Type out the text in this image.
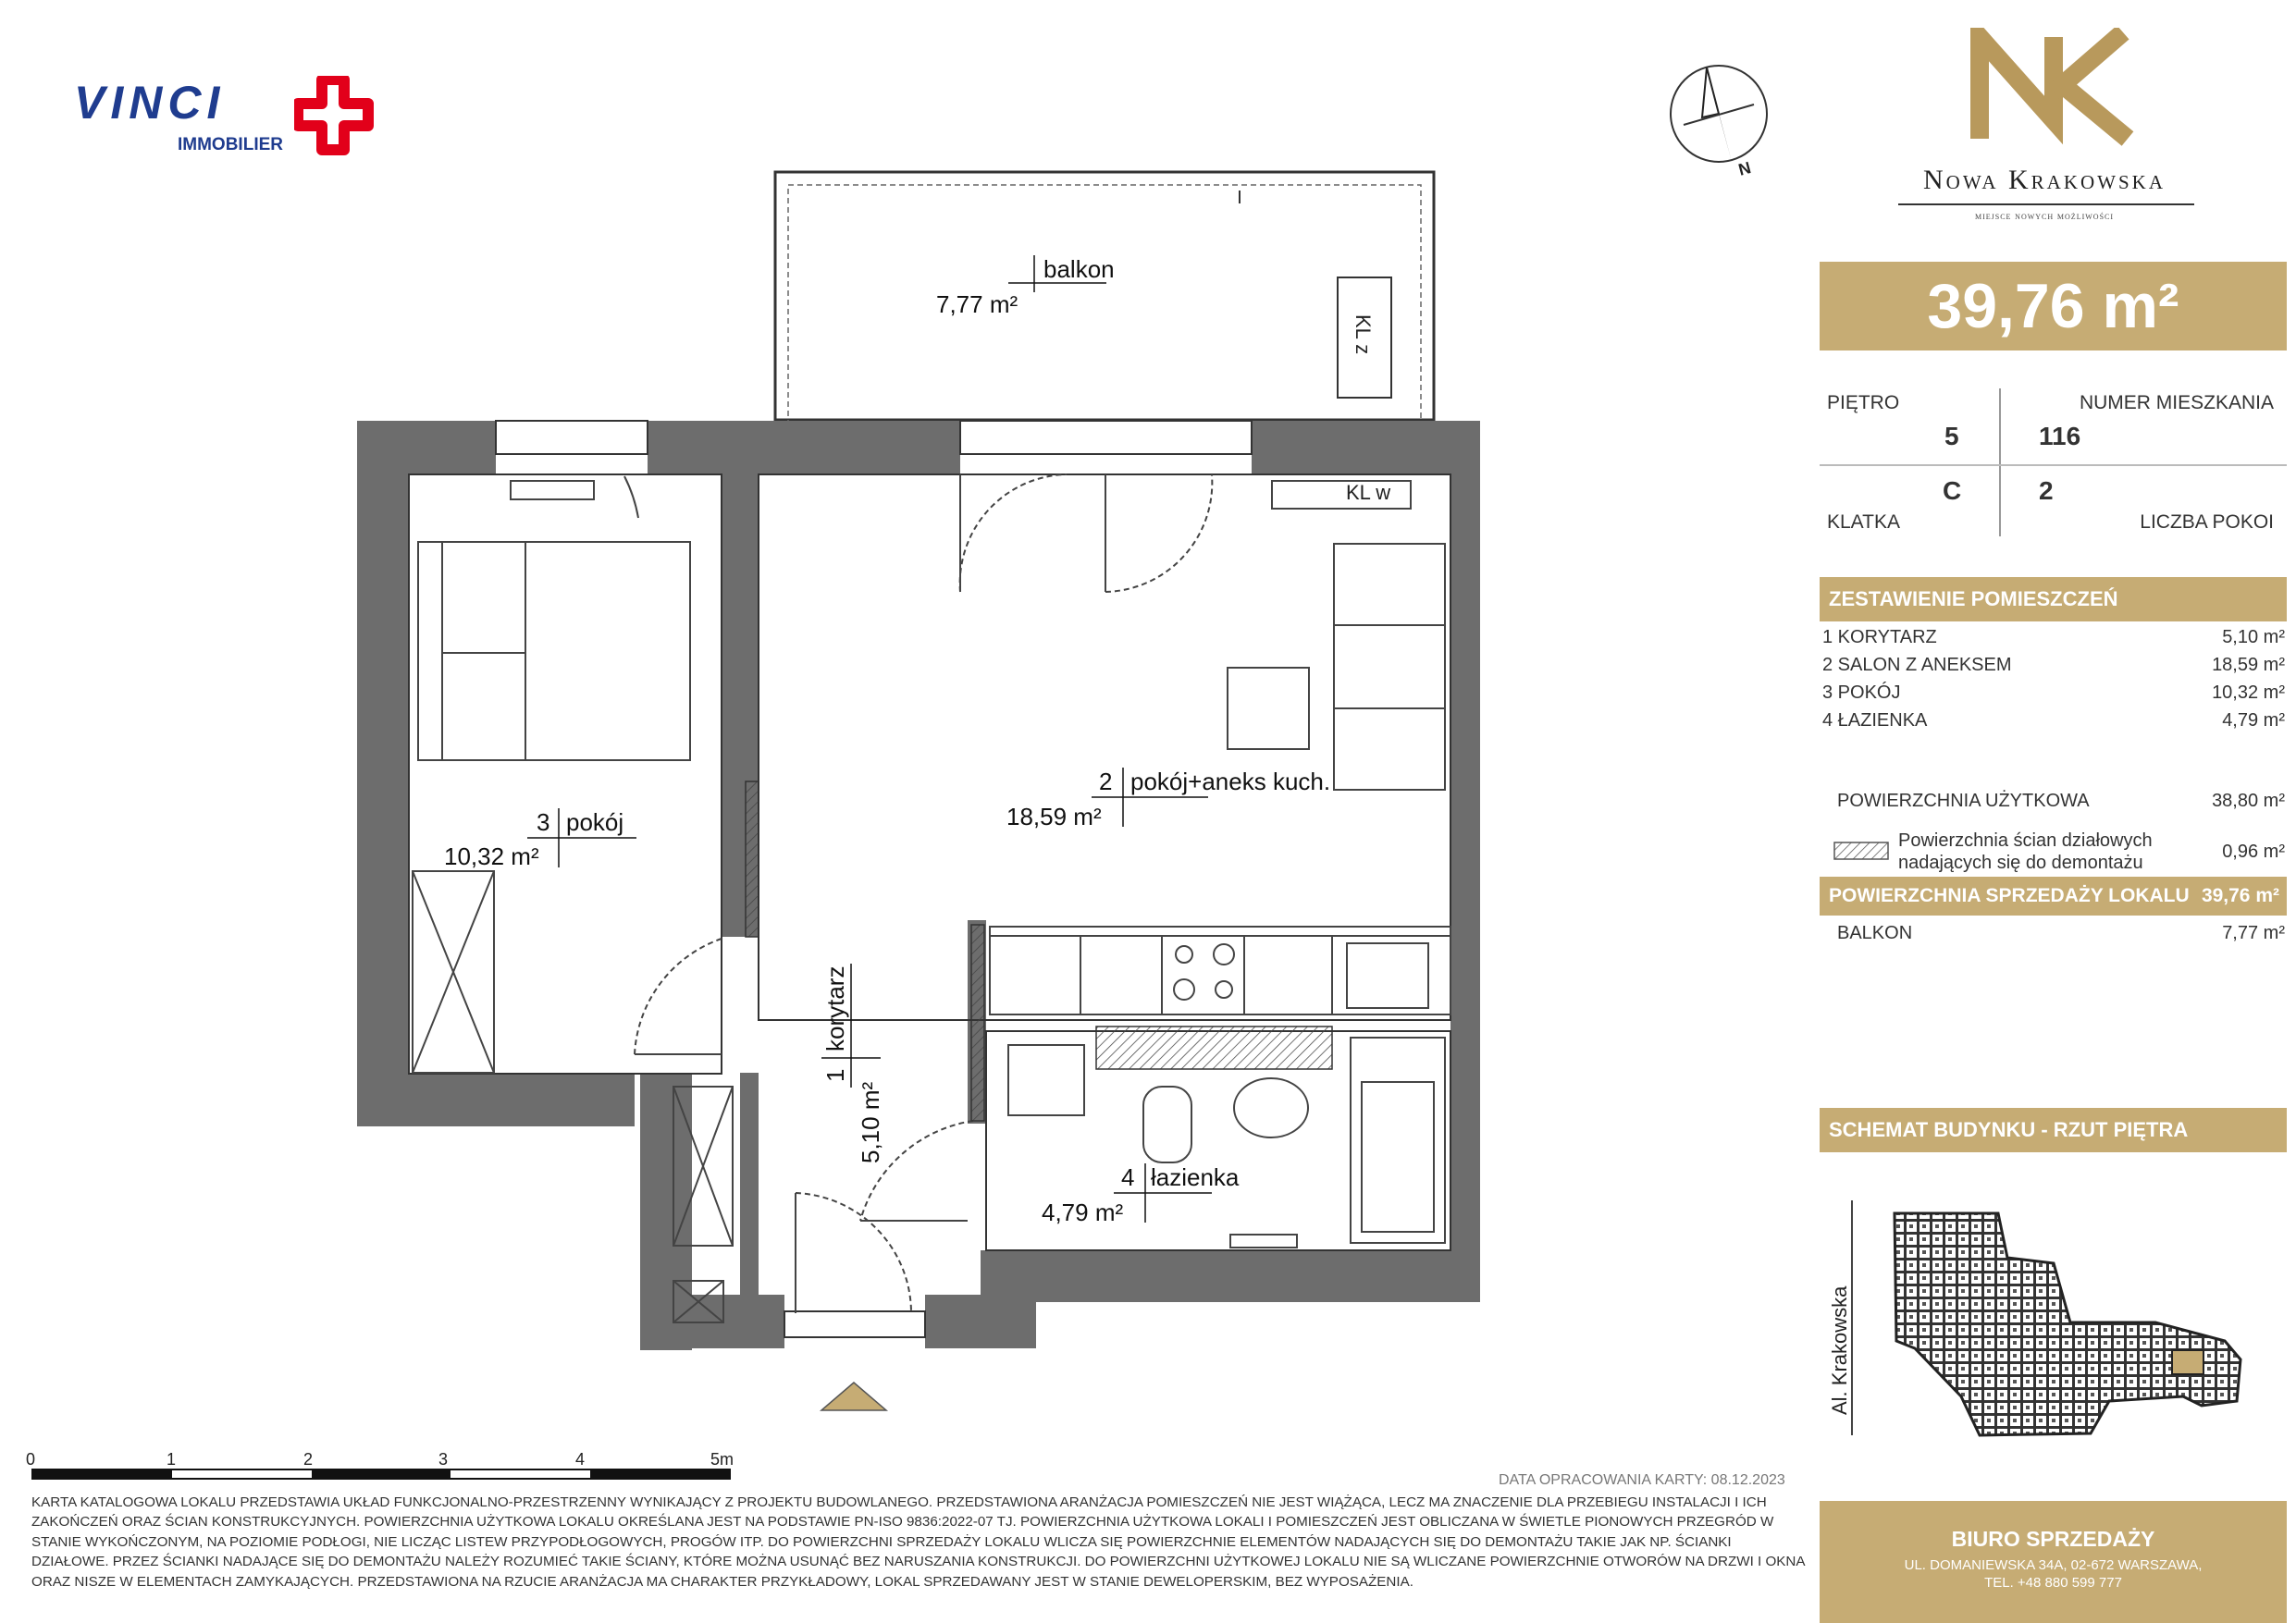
VINCI
IMMOBILIER
N	Nowa Krakowska
miejsce nowych możliwości
39,76 m²
PIĘTRO
5
NUMER MIESZKANIA
116
C	2
KLATKA	LICZBA POKOI
ZESTAWIENIE POMIESZCZEŃ
1 KORYTARZ	5,10 m²
2 SALON Z ANEKSEM	18,59 m²
3 POKÓJ	10,32 m²
4 ŁAZIENKA	4,79 m²
POWIERZCHNIA UŻYTKOWA	38,80 m²
Powierzchnia ścian działowych
nadających się do demontażu
0,96 m²
POWIERZCHNIA SPRZEDAŻY LOKALU 39,76 m²
BALKON	7,77 m²
SCHEMAT BUDYNKU - RZUT PIĘTRA
Al. Krakowska
BIURO SPRZEDAŻY
UL. DOMANIEWSKA 34A, 02-672 WARSZAWA,
TEL. +48 880 599 777
DATA OPRACOWANIA KARTY: 08.12.2023
KARTA KATALOGOWA LOKALU PRZEDSTAWIA UKŁAD FUNKCJONALNO-PRZESTRZENNY WYNIKAJĄCY Z PROJEKTU BUDOWLANEGO. PRZEDSTAWIONA ARANŻACJA POMIESZCZEŃ NIE JEST WIĄŻĄCA, LECZ MA ZNACZENIE DLA PRZEBIEGU INSTALACJI I ICH ZAKOŃCZEŃ ORAZ ŚCIAN KONSTRUKCYJNYCH. POWIERZCHNIA UŻYTKOWA LOKALU OKREŚLANA JEST NA PODSTAWIE PN-ISO 9836:2022-07 TJ. POWIERZCHNIA UŻYTKOWA LOKALI I POMIESZCZEŃ JEST OBLICZANA W ŚWIETLE PIONOWYCH PRZEGRÓD W STANIE WYKOŃCZONYM, NA POZIOMIE PODŁOGI, NIE LICZĄC LISTEW PRZYPODŁOGOWYCH, PROGÓW ITP. DO POWIERZCHNI SPRZEDAŻY LOKALU WLICZA SIĘ POWIERZCHNIE ELEMENTÓW NADAJĄCYCH SIĘ DO DEMONTAŻU TAKIE JAK NP. ŚCIANKI DZIAŁOWE. PRZEZ ŚCIANKI NADAJĄCE SIĘ DO DEMONTAŻU NALEŻY ROZUMIEĆ TAKIE ŚCIANY, KTÓRE MOŻNA USUNĄĆ BEZ NARUSZANIA KONSTRUKCJI. DO POWIERZCHNI UŻYTKOWEJ LOKALU NIE SĄ WLICZANE POWIERZCHNIE OTWORÓW NA DRZWI I OKNA ORAZ NISZE W ELEMENTACH ZAMYKAJĄCYCH. PRZEDSTAWIONA NA RZUCIE ARANŻACJA MA CHARAKTER PRZYKŁADOWY, LOKAL SPRZEDAWANY JEST W STANIE DEWELOPERSKIM, BEZ WYPOSAŻENIA.
0	1	2	3	4	5m
KL z
KL w
balkon
7,77 m²
3 pokój
10,32 m²
2 pokój+aneks kuch.
18,59 m²
4 łazienka
4,79 m²
1
korytarz
5,10 m²
